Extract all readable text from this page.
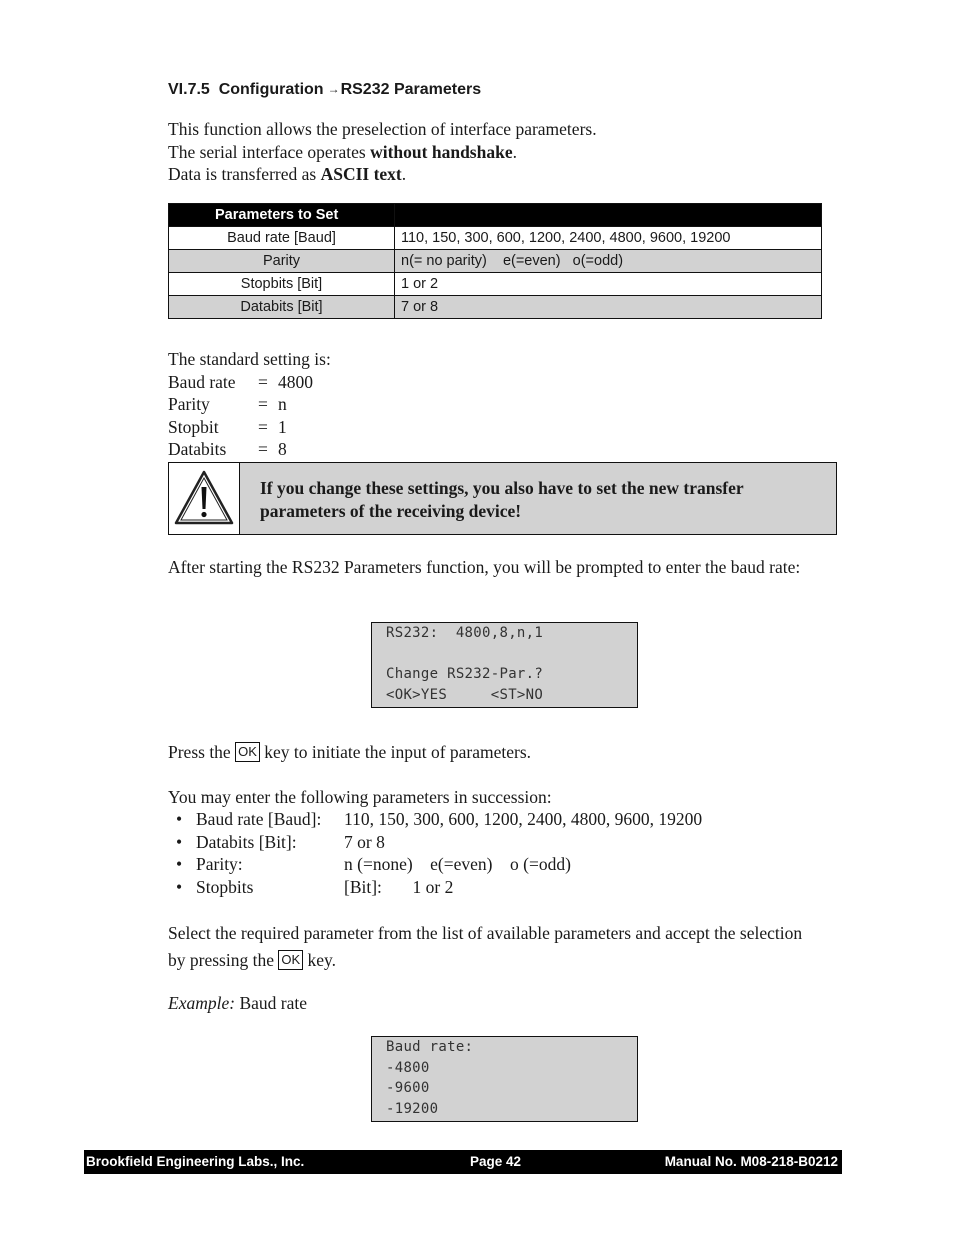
VI.7.5 Configuration →RS232 Parameters
This function allows the preselection of interface parameters.
The serial interface operates without handshake.
Data is transferred as ASCII text.
Parameters to Set	
Baud rate [Baud]	110, 150, 300, 600, 1200, 2400, 4800, 9600, 19200
Parity	n(= no parity)    e(=even)   o(=odd)
Stopbits [Bit]	1 or 2
Databits [Bit]	7 or 8
The standard setting is:
Baud rate	= 4800
Parity	= n
Stopbit	= 1
Databits	= 8
If you change these settings, you also have to set the new transfer parameters of the receiving device!
After starting the RS232 Parameters function, you will be prompted to enter the baud rate:
RS232:  4800,8,n,1
Change RS232-Par.?
<OK>YES     <ST>NO
Press the OK key to initiate the input of parameters.
You may enter the following parameters in succession:
• Baud rate [Baud]:	110, 150, 300, 600, 1200, 2400, 4800, 9600, 19200
• Databits [Bit]:	7 or 8
• Parity:	n (=none)    e(=even)    o (=odd)
• Stopbits	[Bit]:       1 or 2
Select the required parameter from the list of available parameters and accept the selection
by pressing the OK key.
Example: Baud rate
Baud rate:
-4800
-9600
-19200
Brookfield Engineering Labs., Inc.	Page 42	Manual No. M08-218-B0212
